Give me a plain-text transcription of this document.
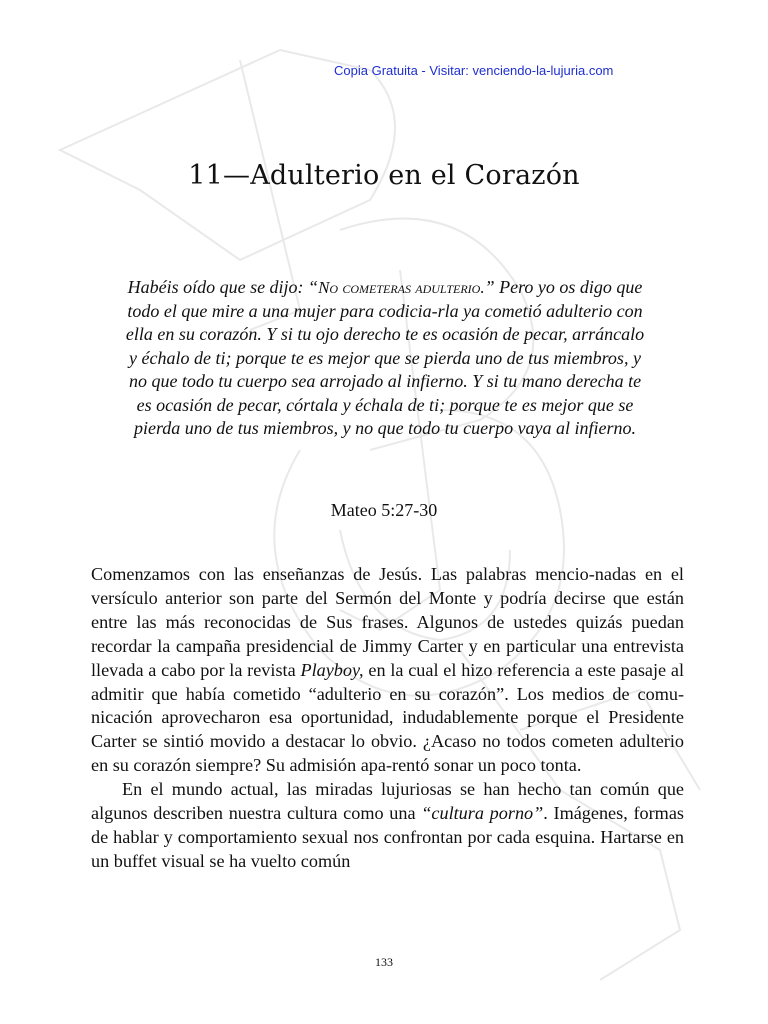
Copia Gratuita - Visitar: venciendo-la-lujuria.com
11—Adulterio en el Corazón

Habéis oído que se dijo: “No cometeras adulterio.” Pero yo os digo que todo el que mire a una mujer para codicia-rla ya cometió adulterio con ella en su corazón. Y si tu ojo derecho te es ocasión de pecar, arráncalo y échalo de ti; porque te es mejor que se pierda uno de tus miembros, y no que todo tu cuerpo sea arrojado al infierno. Y si tu mano derecha te es ocasión de pecar, córtala y échala de ti; porque te es mejor que se pierda uno de tus miembros, y no que todo tu cuerpo vaya al infierno.

Mateo 5:27-30

Comenzamos con las enseñanzas de Jesús. Las palabras mencio-nadas en el versículo anterior son parte del Sermón del Monte y podría decirse que están entre las más reconocidas de Sus frases. Algunos de ustedes quizás puedan recordar la campaña presidencial de Jimmy Carter y en particular una entrevista llevada a cabo por la revista Playboy, en la cual el hizo referencia a este pasaje al admitir que había cometido “adulterio en su corazón”. Los medios de comu-nicación aprovecharon esa oportunidad, indudablemente porque el Presidente Carter se sintió movido a destacar lo obvio. ¿Acaso no todos cometen adulterio en su corazón siempre? Su admisión apa-rentó sonar un poco tonta.

En el mundo actual, las miradas lujuriosas se han hecho tan común que algunos describen nuestra cultura como una “cultura porno”. Imágenes, formas de hablar y comportamiento sexual nos confrontan por cada esquina. Hartarse en un buffet visual se ha vuelto común

133
